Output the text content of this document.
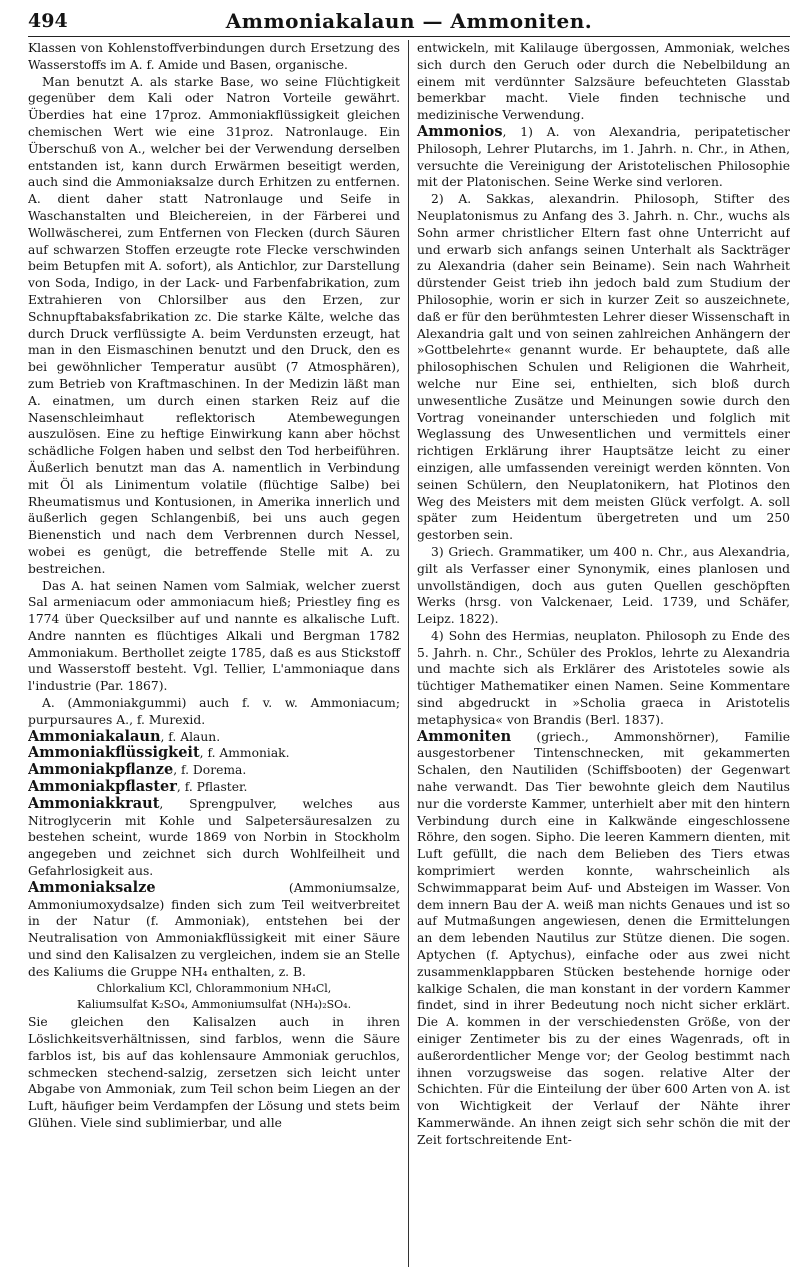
494	Ammoniakalaun — Ammoniten.

Klassen von Kohlenstoffverbindungen durch Ersetzung des Wasserstoffs im A. f. Amide und Basen, organische.

Man benutzt A. als starke Base, wo seine Flüchtigkeit gegenüber dem Kali oder Natron Vorteile gewährt. Überdies hat eine 17proz. Ammoniakflüssigkeit gleichen chemischen Wert wie eine 31proz. Natronlauge. Ein Überschuß von A., welcher bei der Verwendung derselben entstanden ist, kann durch Erwärmen beseitigt werden, auch sind die Ammoniaksalze durch Erhitzen zu entfernen. A. dient daher statt Natronlauge und Seife in Waschanstalten und Bleichereien, in der Färberei und Wollwäscherei, zum Entfernen von Flecken (durch Säuren auf schwarzen Stoffen erzeugte rote Flecke verschwinden beim Betupfen mit A. sofort), als Antichlor, zur Darstellung von Soda, Indigo, in der Lack- und Farbenfabrikation, zum Extrahieren von Chlorsilber aus den Erzen, zur Schnupftabaksfabrikation zc. Die starke Kälte, welche das durch Druck verflüssigte A. beim Verdunsten erzeugt, hat man in den Eismaschinen benutzt und den Druck, den es bei gewöhnlicher Temperatur ausübt (7 Atmosphären), zum Betrieb von Kraftmaschinen. In der Medizin läßt man A. einatmen, um durch einen starken Reiz auf die Nasenschleimhaut reflektorisch Atembewegungen auszulösen. Eine zu heftige Einwirkung kann aber höchst schädliche Folgen haben und selbst den Tod herbeiführen. Äußerlich benutzt man das A. namentlich in Verbindung mit Öl als Linimentum volatile (flüchtige Salbe) bei Rheumatismus und Kontusionen, in Amerika innerlich und äußerlich gegen Schlangenbiß, bei uns auch gegen Bienenstich und nach dem Verbrennen durch Nessel, wobei es genügt, die betreffende Stelle mit A. zu bestreichen.

Das A. hat seinen Namen vom Salmiak, welcher zuerst Sal armeniacum oder ammoniacum hieß; Priestley fing es 1774 über Quecksilber auf und nannte es alkalische Luft. Andre nannten es flüchtiges Alkali und Bergman 1782 Ammoniakum. Berthollet zeigte 1785, daß es aus Stickstoff und Wasserstoff besteht. Vgl. Tellier, L'ammoniaque dans l'industrie (Par. 1867).

A. (Ammoniakgummi) auch f. v. w. Ammoniacum; purpursaures A., f. Murexid.

Ammoniakalaun, f. Alaun.

Ammoniakflüssigkeit, f. Ammoniak.

Ammoniakpflanze, f. Dorema.

Ammoniakpflaster, f. Pflaster.

Ammoniakkraut, Sprengpulver, welches aus Nitroglycerin mit Kohle und Salpetersäuresalzen zu bestehen scheint, wurde 1869 von Norbin in Stockholm angegeben und zeichnet sich durch Wohlfeilheit und Gefahrlosigkeit aus.

Ammoniaksalze (Ammoniumsalze, Ammoniumoxydsalze) finden sich zum Teil weitverbreitet in der Natur (f. Ammoniak), entstehen bei der Neutralisation von Ammoniakflüssigkeit mit einer Säure und sind den Kalisalzen zu vergleichen, indem sie an Stelle des Kaliums die Gruppe NH₄ enthalten, z. B.

Chlorkalium KCl, Chlorammonium NH₄Cl,

Kaliumsulfat K₂SO₄, Ammoniumsulfat (NH₄)₂SO₄.

Sie gleichen den Kalisalzen auch in ihren Löslichkeitsverhältnissen, sind farblos, wenn die Säure farblos ist, bis auf das kohlensaure Ammoniak geruchlos, schmecken stechend-salzig, zersetzen sich leicht unter Abgabe von Ammoniak, zum Teil schon beim Liegen an der Luft, häufiger beim Verdampfen der Lösung und stets beim Glühen. Viele sind sublimierbar, und alle

entwickeln, mit Kalilauge übergossen, Ammoniak, welches sich durch den Geruch oder durch die Nebelbildung an einem mit verdünnter Salzsäure befeuchteten Glasstab bemerkbar macht. Viele finden technische und medizinische Verwendung.

Ammonios, 1) A. von Alexandria, peripatetischer Philosoph, Lehrer Plutarchs, im 1. Jahrh. n. Chr., in Athen, versuchte die Vereinigung der Aristotelischen Philosophie mit der Platonischen. Seine Werke sind verloren.

2) A. Sakkas, alexandrin. Philosoph, Stifter des Neuplatonismus zu Anfang des 3. Jahrh. n. Chr., wuchs als Sohn armer christlicher Eltern fast ohne Unterricht auf und erwarb sich anfangs seinen Unterhalt als Sackträger zu Alexandria (daher sein Beiname). Sein nach Wahrheit dürstender Geist trieb ihn jedoch bald zum Studium der Philosophie, worin er sich in kurzer Zeit so auszeichnete, daß er für den berühmtesten Lehrer dieser Wissenschaft in Alexandria galt und von seinen zahlreichen Anhängern der »Gottbelehrte« genannt wurde. Er behauptete, daß alle philosophischen Schulen und Religionen die Wahrheit, welche nur Eine sei, enthielten, sich bloß durch unwesentliche Zusätze und Meinungen sowie durch den Vortrag voneinander unterschieden und folglich mit Weglassung des Unwesentlichen und vermittels einer richtigen Erklärung ihrer Hauptsätze leicht zu einer einzigen, alle umfassenden vereinigt werden könnten. Von seinen Schülern, den Neuplatonikern, hat Plotinos den Weg des Meisters mit dem meisten Glück verfolgt. A. soll später zum Heidentum übergetreten und um 250 gestorben sein.

3) Griech. Grammatiker, um 400 n. Chr., aus Alexandria, gilt als Verfasser einer Synonymik, eines planlosen und unvollständigen, doch aus guten Quellen geschöpften Werks (hrsg. von Valckenaer, Leid. 1739, und Schäfer, Leipz. 1822).

4) Sohn des Hermias, neuplaton. Philosoph zu Ende des 5. Jahrh. n. Chr., Schüler des Proklos, lehrte zu Alexandria und machte sich als Erklärer des Aristoteles sowie als tüchtiger Mathematiker einen Namen. Seine Kommentare sind abgedruckt in »Scholia graeca in Aristotelis metaphysica« von Brandis (Berl. 1837).

Ammoniten (griech., Ammonshörner), Familie ausgestorbener Tintenschnecken, mit gekammerten Schalen, den Nautiliden (Schiffsbooten) der Gegenwart nahe verwandt. Das Tier bewohnte gleich dem Nautilus nur die vorderste Kammer, unterhielt aber mit den hintern Verbindung durch eine in Kalkwände eingeschlossene Röhre, den sogen. Sipho. Die leeren Kammern dienten, mit Luft gefüllt, die nach dem Belieben des Tiers etwas komprimiert werden konnte, wahrscheinlich als Schwimmapparat beim Auf- und Absteigen im Wasser. Von dem innern Bau der A. weiß man nichts Genaues und ist so auf Mutmaßungen angewiesen, denen die Ermittelungen an dem lebenden Nautilus zur Stütze dienen. Die sogen. Aptychen (f. Aptychus), einfache oder aus zwei nicht zusammenklappbaren Stücken bestehende hornige oder kalkige Schalen, die man konstant in der vordern Kammer findet, sind in ihrer Bedeutung noch nicht sicher erklärt. Die A. kommen in der verschiedensten Größe, von der einiger Zentimeter bis zu der eines Wagenrads, oft in außerordentlicher Menge vor; der Geolog bestimmt nach ihnen vorzugsweise das sogen. relative Alter der Schichten. Für die Einteilung der über 600 Arten von A. ist von Wichtigkeit der Verlauf der Nähte ihrer Kammerwände. An ihnen zeigt sich sehr schön die mit der Zeit fortschreitende Ent-
